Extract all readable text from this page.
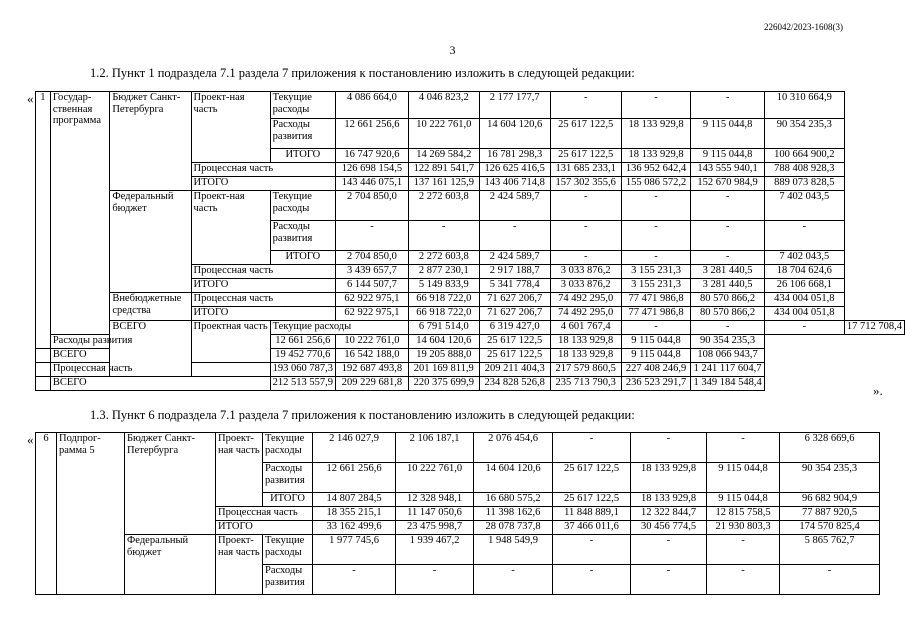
226042/2023-1608(3)
3
1.2. Пункт 1 подраздела 7.1 раздела 7 приложения к постановлению изложить в следующей редакции:
« 1	Государ-ственная программа	Бюджет Санкт-Петербурга	Проект-ная часть	Текущие расходы	4 086 664,0	4 046 823,2	2 177 177,7	-	-	-	10 310 664,9	
				Расходы развития	12 661 256,6	10 222 761,0	14 604 120,6	25 617 122,5	18 133 929,8	9 115 044,8	90 354 235,3	
				ИТОГО	16 747 920,6	14 269 584,2	16 781 298,3	25 617 122,5	18 133 929,8	9 115 044,8	100 664 900,2	
			Процессная часть		126 698 154,5	122 891 541,7	126 625 416,5	131 685 233,1	136 952 642,4	143 555 940,1	788 408 928,3	
			ИТОГО		143 446 075,1	137 161 125,9	143 406 714,8	157 302 355,6	155 086 572,2	152 670 984,9	889 073 828,5	
		Федеральный бюджет	Проект-ная часть	Текущие расходы	2 704 850,0	2 272 603,8	2 424 589,7	-	-	-	7 402 043,5	
				Расходы развития	-	-	-	-	-	-	-	
				ИТОГО	2 704 850,0	2 272 603,8	2 424 589,7	-	-	-	7 402 043,5	
			Процессная часть		3 439 657,7	2 877 230,1	2 917 188,7	3 033 876,2	3 155 231,3	3 281 440,5	18 704 624,6	
			ИТОГО		6 144 507,7	5 149 833,9	5 341 778,4	3 033 876,2	3 155 231,3	3 281 440,5	26 106 668,1	
		Внебюджетные средства	Процессная часть		62 922 975,1	66 918 722,0	71 627 206,7	74 492 295,0	77 471 986,8	80 570 866,2	434 004 051,8	
			ИТОГО		62 922 975,1	66 918 722,0	71 627 206,7	74 492 295,0	77 471 986,8	80 570 866,2	434 004 051,8	
		ВСЕГО	Проектная часть	Текущие расходы		6 791 514,0	6 319 427,0	4 601 767,4	-	-	-	17 712 708,4
	Расходы развития			12 661 256,6	10 222 761,0	14 604 120,6	25 617 122,5	18 133 929,8	9 115 044,8	90 354 235,3		
	ВСЕГО			19 452 770,6	16 542 188,0	19 205 888,0	25 617 122,5	18 133 929,8	9 115 044,8	108 066 943,7		
	Процессная часть			193 060 787,3	192 687 493,8	201 169 811,9	209 211 404,3	217 579 860,5	227 408 246,9	1 241 117 604,7		
	ВСЕГО			212 513 557,9	209 229 681,8	220 375 699,9	234 828 526,8	235 713 790,3	236 523 291,7	1 349 184 548,4		
».
1.3. Пункт 6 подраздела 7.1 раздела 7 приложения к постановлению изложить в следующей редакции:
« 6	Подпрог-рамма 5	Бюджет Санкт-Петербурга	Проект-ная часть	Текущие расходы	2 146 027,9	2 106 187,1	2 076 454,6	-	-	-	6 328 669,6
				Расходы развития	12 661 256,6	10 222 761,0	14 604 120,6	25 617 122,5	18 133 929,8	9 115 044,8	90 354 235,3
				ИТОГО	14 807 284,5	12 328 948,1	16 680 575,2	25 617 122,5	18 133 929,8	9 115 044,8	96 682 904,9
			Процессная часть		18 355 215,1	11 147 050,6	11 398 162,6	11 848 889,1	12 322 844,7	12 815 758,5	77 887 920,5
			ИТОГО		33 162 499,6	23 475 998,7	28 078 737,8	37 466 011,6	30 456 774,5	21 930 803,3	174 570 825,4
		Федеральный бюджет	Проект-ная часть	Текущие расходы	1 977 745,6	1 939 467,2	1 948 549,9	-	-	-	5 865 762,7
				Расходы развития	-	-	-	-	-	-	-
